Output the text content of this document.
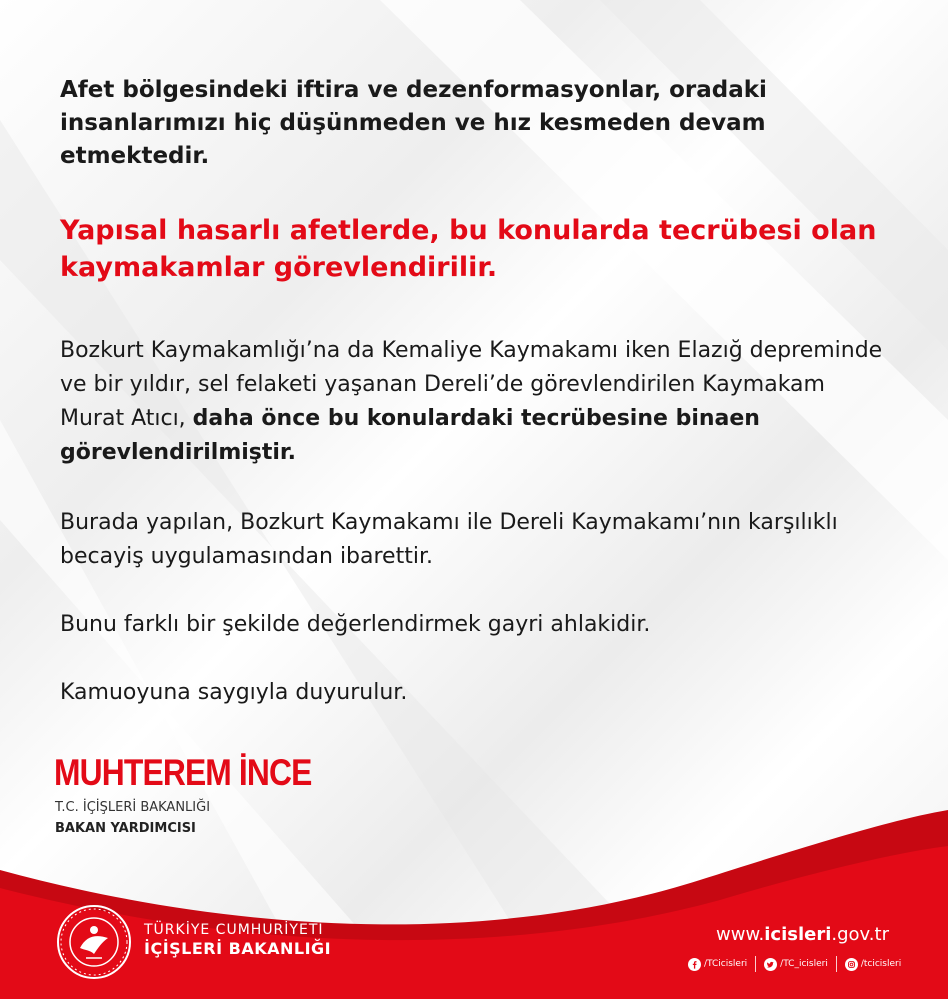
Afet bölgesindeki iftira ve dezenformasyonlar, oradaki insanlarımızı hiç düşünmeden ve hız kesmeden devam etmektedir.
Yapısal hasarlı afetlerde, bu konularda tecrübesi olan kaymakamlar görevlendirilir.
Bozkurt Kaymakamlığı’na da Kemaliye Kaymakamı iken Elazığ depreminde ve bir yıldır, sel felaketi yaşanan Dereli’de görevlendirilen Kaymakam Murat Atıcı, daha önce bu konulardaki tecrübesine binaen görevlendirilmiştir.
Burada yapılan, Bozkurt Kaymakamı ile Dereli Kaymakamı’nın karşılıklı becayiş uygulamasından ibarettir.
Bunu farklı bir şekilde değerlendirmek gayri ahlakidir.
Kamuoyuna saygıyla duyurulur.
MUHTEREM İNCE
T.C. İÇİŞLERİ BAKANLIĞI
BAKAN YARDIMCISI
TÜRKİYE CUMHURİYETİ
İÇİŞLERİ BAKANLIĞI
www.icisleri.gov.tr
/TCicisleri	/TC_icisleri	/tcicisleri
